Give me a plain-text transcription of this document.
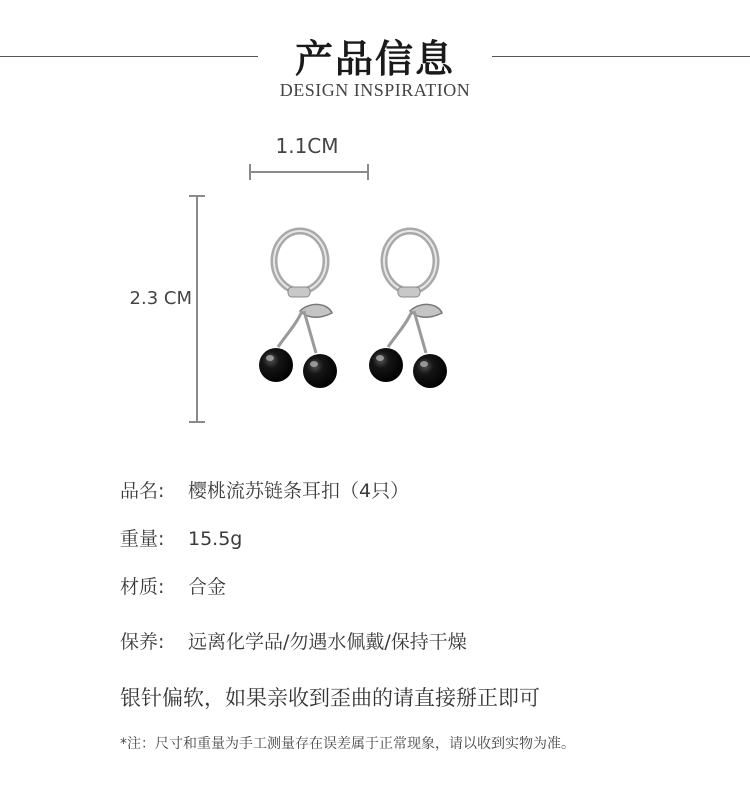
产品信息
DESIGN INSPIRATION
1.1CM
2.3 CM
品名: 樱桃流苏链条耳扣（4只）
重量: 15.5g
材质: 合金
保养: 远离化学品/勿遇水佩戴/保持干燥
银针偏软，如果亲收到歪曲的请直接掰正即可
*注：尺寸和重量为手工测量存在误差属于正常现象，请以收到实物为准。
